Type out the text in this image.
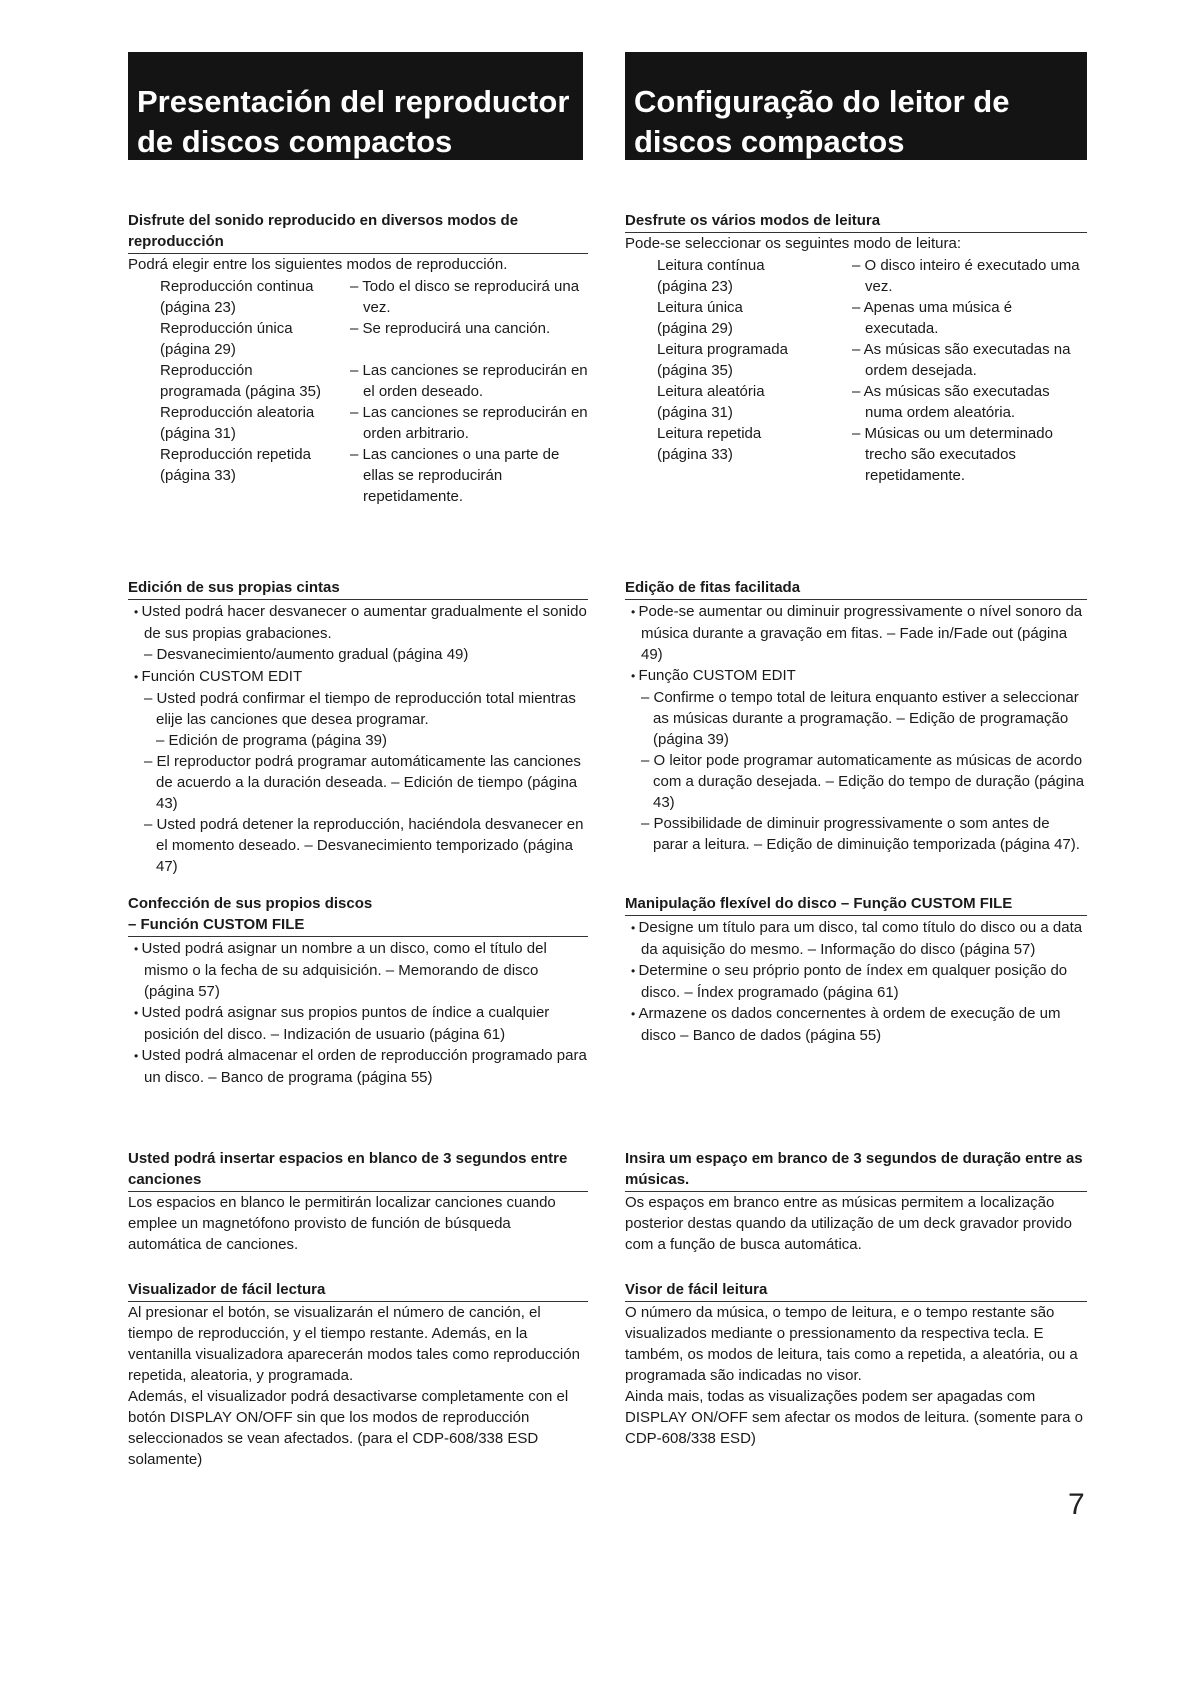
Presentación del reproductor
de discos compactos

Disfrute del sonido reproducido en diversos modos de reproducción

Podrá elegir entre los siguientes modos de reproducción.

Reproducción continua
(página 23)
– Todo el disco se reproducirá una vez.
Reproducción única
(página 29)
– Se reproducirá una canción.
Reproducción
programada (página 35)
– Las canciones se reproducirán en el orden deseado.
Reproducción aleatoria
(página 31)
– Las canciones se reproducirán en orden arbitrario.
Reproducción repetida
(página 33)
– Las canciones o una parte de ellas se reproducirán repetidamente.

Edición de sus propias cintas

• Usted podrá hacer desvanecer o aumentar gradualmente el sonido de sus propias grabaciones.
– Desvanecimiento/aumento gradual (página 49)
• Función CUSTOM EDIT
– Usted podrá confirmar el tiempo de reproducción total mientras elije las canciones que desea programar.
– Edición de programa (página 39)
– El reproductor podrá programar automáticamente las canciones de acuerdo a la duración deseada. – Edición de tiempo (página 43)
– Usted podrá detener la reproducción, haciéndola desvanecer en el momento deseado. – Desvanecimiento temporizado (página 47)

Confección de sus propios discos
– Función CUSTOM FILE

• Usted podrá asignar un nombre a un disco, como el título del mismo o la fecha de su adquisición. – Memorando de disco (página 57)
• Usted podrá asignar sus propios puntos de índice a cualquier posición del disco. – Indización de usuario (página 61)
• Usted podrá almacenar el orden de reproducción programado para un disco. – Banco de programa (página 55)

Usted podrá insertar espacios en blanco de 3 segundos entre canciones

Los espacios en blanco le permitirán localizar canciones cuando emplee un magnetófono provisto de función de búsqueda automática de canciones.

Visualizador de fácil lectura

Al presionar el botón, se visualizarán el número de canción, el tiempo de reproducción, y el tiempo restante. Además, en la ventanilla visualizadora aparecerán modos tales como reproducción repetida, aleatoria, y programada.

Además, el visualizador podrá desactivarse completamente con el botón DISPLAY ON/OFF sin que los modos de reproducción seleccionados se vean afectados. (para el CDP-608/338 ESD solamente)

Configuração do leitor de
discos compactos

Desfrute os vários modos de leitura

Pode-se seleccionar os seguintes modo de leitura:

Leitura contínua
(página 23)
– O disco inteiro é executado uma vez.
Leitura única
(página 29)
– Apenas uma música é executada.
Leitura programada
(página 35)
– As músicas são executadas na ordem desejada.
Leitura aleatória
(página 31)
– As músicas são executadas numa ordem aleatória.
Leitura repetida
(página 33)
– Músicas ou um determinado trecho são executados repetidamente.

Edição de fitas facilitada

• Pode-se aumentar ou diminuir progressivamente o nível sonoro da música durante a gravação em fitas. – Fade in/Fade out (página 49)
• Função CUSTOM EDIT
– Confirme o tempo total de leitura enquanto estiver a seleccionar as músicas durante a programação. – Edição de programação (página 39)
– O leitor pode programar automaticamente as músicas de acordo com a duração desejada. – Edição do tempo de duração (página 43)
– Possibilidade de diminuir progressivamente o som antes de parar a leitura. – Edição de diminuição temporizada (página 47).

Manipulação flexível do disco – Função CUSTOM FILE

• Designe um título para um disco, tal como título do disco ou a data da aquisição do mesmo. – Informação do disco (página 57)
• Determine o seu próprio ponto de índex em qualquer posição do disco. – Índex programado (página 61)
• Armazene os dados concernentes à ordem de execução de um disco – Banco de dados (página 55)

Insira um espaço em branco de 3 segundos de duração entre as músicas.

Os espaços em branco entre as músicas permitem a localização posterior destas quando da utilização de um deck gravador provido com a função de busca automática.

Visor de fácil leitura

O número da música, o tempo de leitura, e o tempo restante são visualizados mediante o pressionamento da respectiva tecla. E também, os modos de leitura, tais como a repetida, a aleatória, ou a programada são indicadas no visor.

Ainda mais, todas as visualizações podem ser apagadas com DISPLAY ON/OFF sem afectar os modos de leitura. (somente para o CDP-608/338 ESD)

7
